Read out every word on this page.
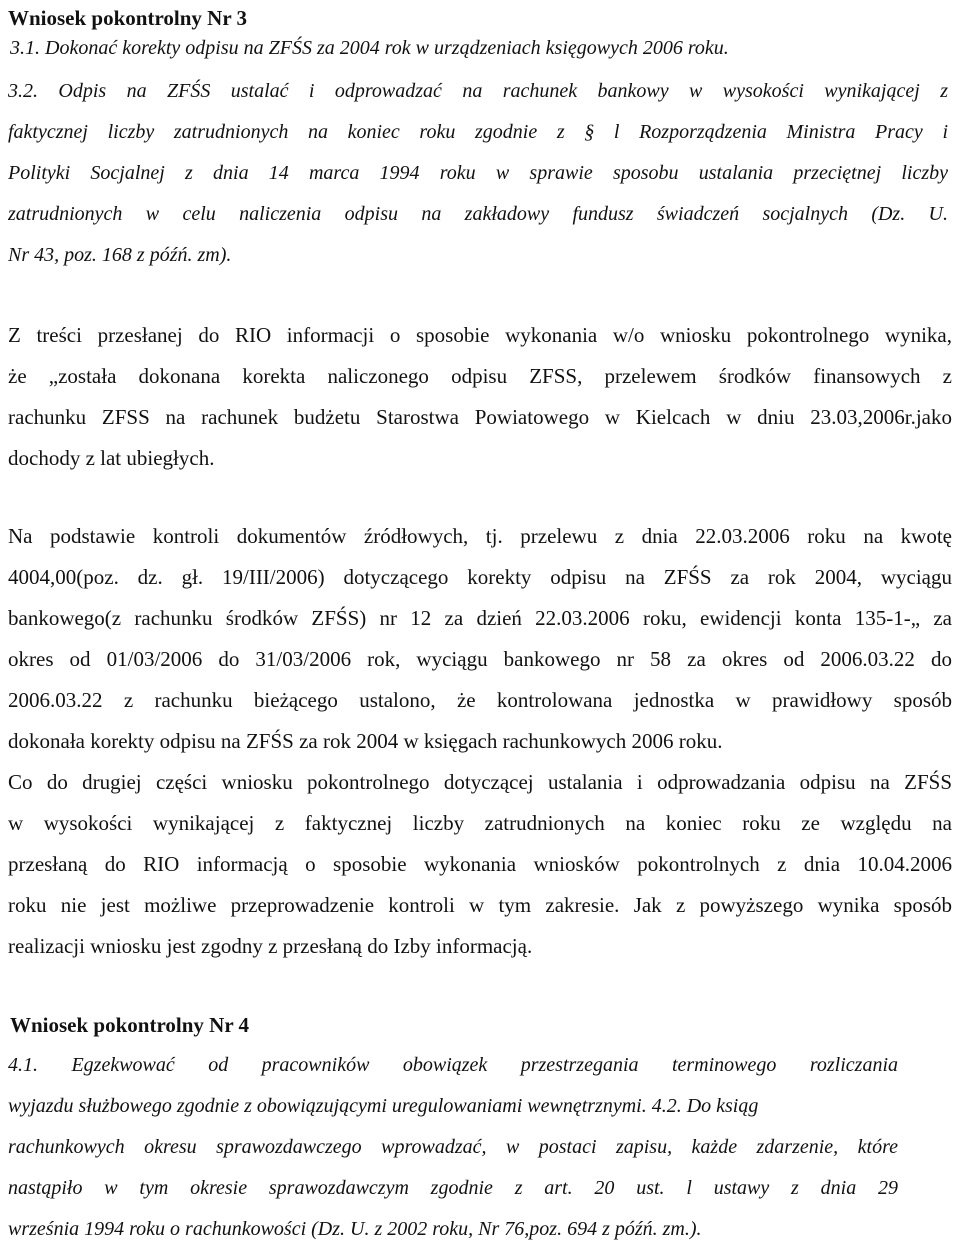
Wniosek pokontrolny Nr 3
3.1. Dokonać korekty odpisu na ZFŚS za 2004 rok w urządzeniach księgowych 2006 roku.
3.2. Odpis na ZFŚS ustalać i odprowadzać na rachunek bankowy w wysokości wynikającej z
faktycznej liczby zatrudnionych na koniec roku zgodnie z § l Rozporządzenia Ministra Pracy i
Polityki Socjalnej z dnia 14 marca 1994 roku w sprawie sposobu ustalania przeciętnej liczby
zatrudnionych w celu naliczenia odpisu na zakładowy fundusz świadczeń socjalnych (Dz. U.
Nr 43, poz. 168 z późń. zm).
Z treści przesłanej do RIO informacji o sposobie wykonania w/o wniosku pokontrolnego wynika,
że „została dokonana korekta naliczonego odpisu ZFSS, przelewem środków finansowych z
rachunku ZFSS na rachunek budżetu Starostwa Powiatowego w Kielcach w dniu 23.03,2006r.jako
dochody z lat ubiegłych.
Na podstawie kontroli dokumentów źródłowych, tj. przelewu z dnia 22.03.2006 roku na kwotę
4004,00(poz. dz. gł. 19/III/2006) dotyczącego korekty odpisu na ZFŚS za rok 2004, wyciągu
bankowego(z rachunku środków ZFŚS) nr 12 za dzień 22.03.2006 roku, ewidencji konta 135-1-„ za
okres od 01/03/2006 do 31/03/2006 rok, wyciągu bankowego nr 58 za okres od 2006.03.22 do
2006.03.22 z rachunku bieżącego ustalono, że kontrolowana jednostka w prawidłowy sposób
dokonała korekty odpisu na ZFŚS za rok 2004 w księgach rachunkowych 2006 roku.
Co do drugiej części wniosku pokontrolnego dotyczącej ustalania i odprowadzania odpisu na ZFŚS
w wysokości wynikającej z faktycznej liczby zatrudnionych na koniec roku ze względu na
przesłaną do RIO informacją o sposobie wykonania wniosków pokontrolnych z dnia 10.04.2006
roku nie jest możliwe przeprowadzenie kontroli w tym zakresie. Jak z powyższego wynika sposób
realizacji wniosku jest zgodny z przesłaną do Izby informacją.
Wniosek pokontrolny Nr 4
4.1. Egzekwować od pracowników obowiązek przestrzegania terminowego rozliczania
wyjazdu służbowego zgodnie z obowiązującymi uregulowaniami wewnętrznymi. 4.2. Do ksiąg
rachunkowych okresu sprawozdawczego wprowadzać, w postaci zapisu, każde zdarzenie, które
nastąpiło w tym okresie sprawozdawczym zgodnie z art. 20 ust. l ustawy z dnia 29
września 1994 roku o rachunkowości (Dz. U. z 2002 roku, Nr 76,poz. 694 z późń. zm.).
